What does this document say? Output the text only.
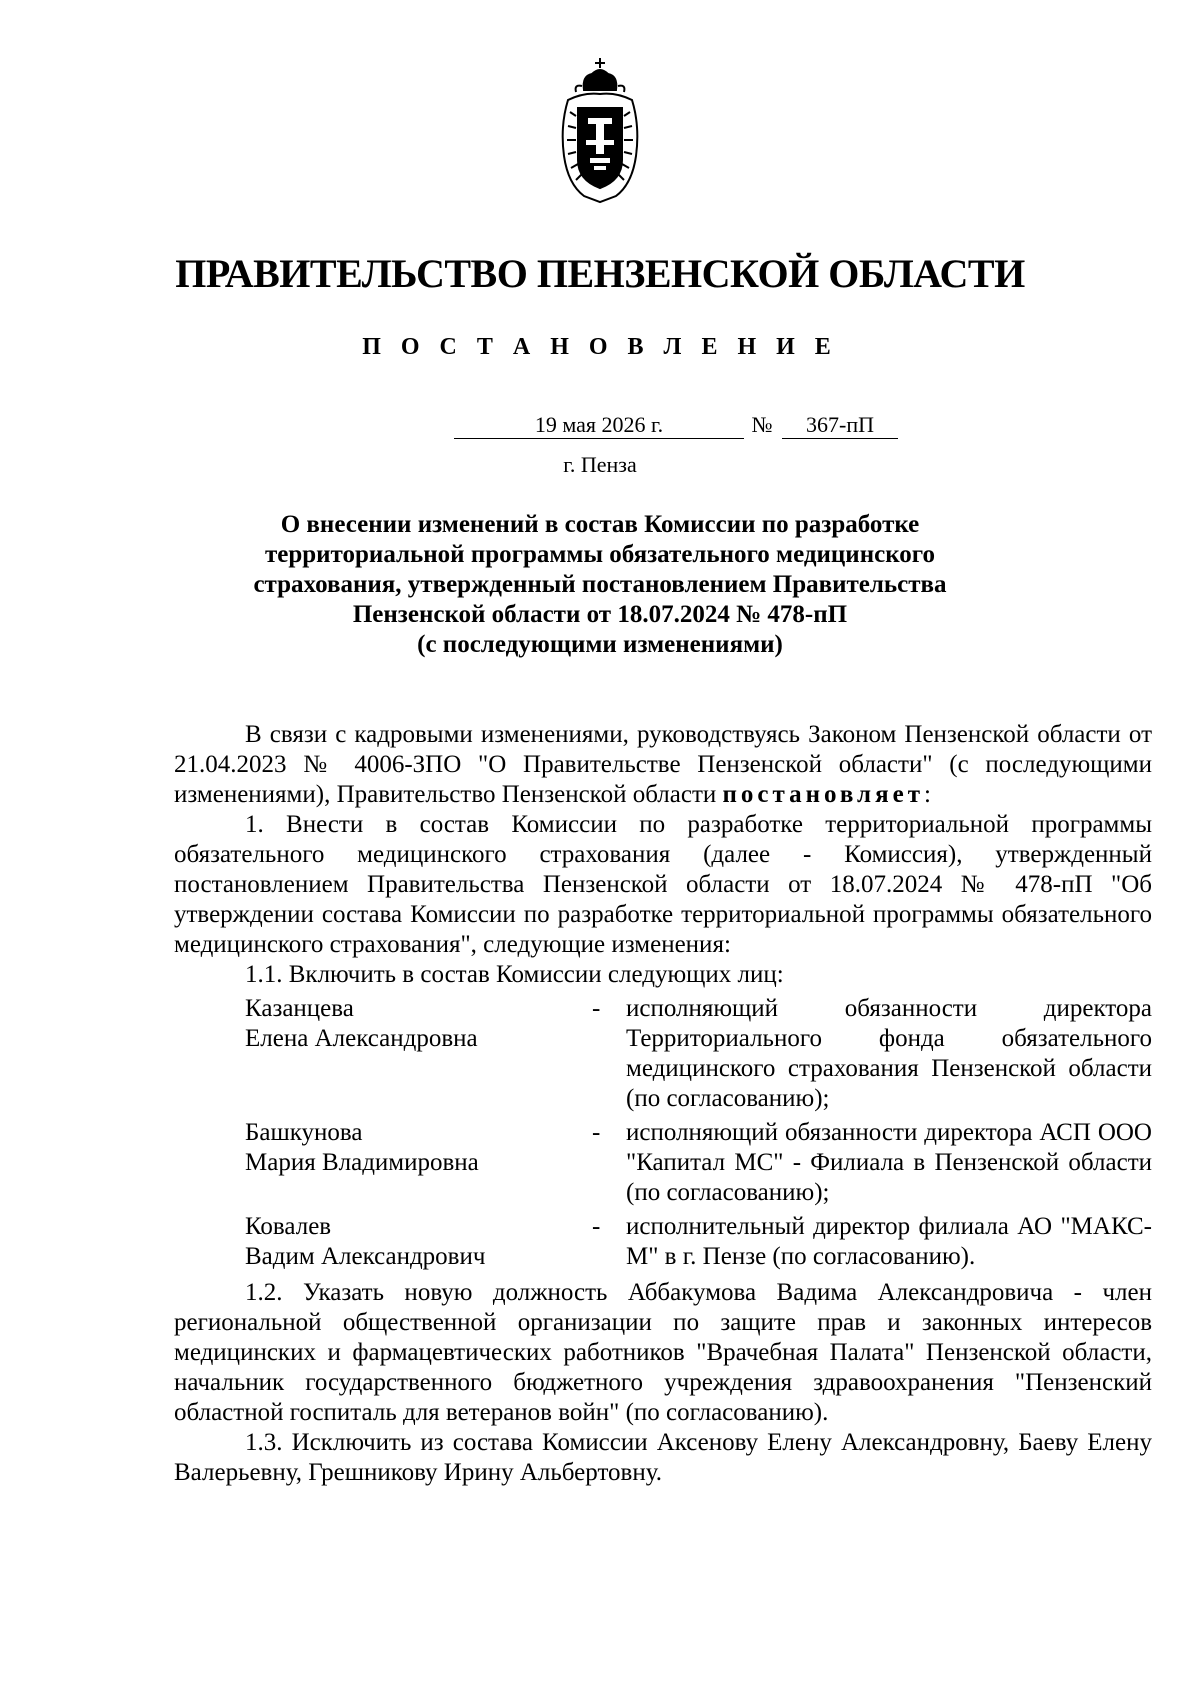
ПРАВИТЕЛЬСТВО ПЕНЗЕНСКОЙ ОБЛАСТИ
П О С Т А Н О В Л Е Н И Е
19 мая 2026 г.	№	367-пП
г. Пенза
О внесении изменений в состав Комиссии по разработке
территориальной программы обязательного медицинского
страхования, утвержденный постановлением Правительства
Пензенской области от 18.07.2024 № 478-пП
(с последующими изменениями)

В связи с кадровыми изменениями, руководствуясь Законом Пензенской области от 21.04.2023 № 4006-ЗПО "О Правительстве Пензенской области" (с последующими изменениями), Правительство Пензенской области постановляет:

1. Внести в состав Комиссии по разработке территориальной программы обязательного медицинского страхования (далее - Комиссия), утвержденный постановлением Правительства Пензенской области от 18.07.2024 № 478-пП "Об утверждении состава Комиссии по разработке территориальной программы обязательного медицинского страхования", следующие изменения:

1.1. Включить в состав Комиссии следующих лиц:

Казанцева
Елена Александровна
-	исполняющий обязанности директора Территориального фонда обязательного медицинского страхования Пензенской области (по согласованию);
Башкунова
Мария Владимировна
-	исполняющий обязанности директора АСП ООО "Капитал МС" - Филиала в Пензенской области (по согласованию);
Ковалев
Вадим Александрович
-	исполнительный директор филиала АО "МАКС-М" в г. Пензе (по согласованию).

1.2. Указать новую должность Аббакумова Вадима Александровича - член региональной общественной организации по защите прав и законных интересов медицинских и фармацевтических работников "Врачебная Палата" Пензенской области, начальник государственного бюджетного учреждения здравоохранения "Пензенский областной госпиталь для ветеранов войн" (по согласованию).

1.3. Исключить из состава Комиссии Аксенову Елену Александровну, Баеву Елену Валерьевну, Грешникову Ирину Альбертовну.
